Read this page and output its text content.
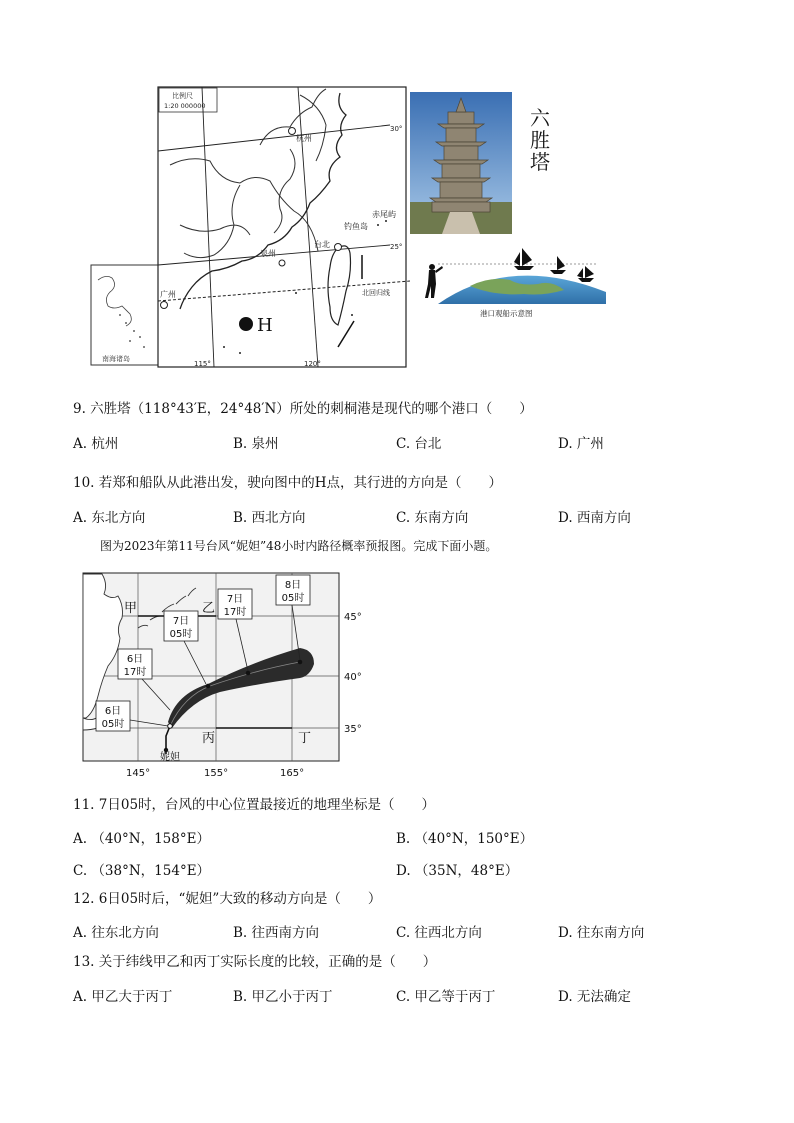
南海诸岛
比例尺
1:20 000000
30°
25°
115°	120°
北回归线
杭州
泉州
台北
广州
钓鱼岛
赤尾屿
H
六
胜
塔
港口观船示意图
9. 六胜塔（118°43′E，24°48′N）所处的刺桐港是现代的哪个港口（　　）
A. 杭州	B. 泉州	C. 台北	D. 广州
10. 若郑和船队从此港出发，驶向图中的H点，其行进的方向是（　　）
A. 东北方向	B. 西北方向	C. 东南方向	D. 西南方向
图为2023年第11号台风“妮妲”48小时内路径概率预报图。完成下面小题。
甲	乙
丙	丁
妮妲
6日
05时
6日
17时
7日
05时
7日
17时
8日
05时
45°
40°
35°
145°	155°	165°
11. 7日05时，台风的中心位置最接近的地理坐标是（　　）
A. （40°N，158°E）	B. （40°N，150°E）
C. （38°N，154°E）	D. （35N，48°E）
12. 6日05时后，“妮妲”大致的移动方向是（　　）
A. 往东北方向	B. 往西南方向	C. 往西北方向	D. 往东南方向
13. 关于纬线甲乙和丙丁实际长度的比较，正确的是（　　）
A. 甲乙大于丙丁	B. 甲乙小于丙丁	C. 甲乙等于丙丁	D. 无法确定
